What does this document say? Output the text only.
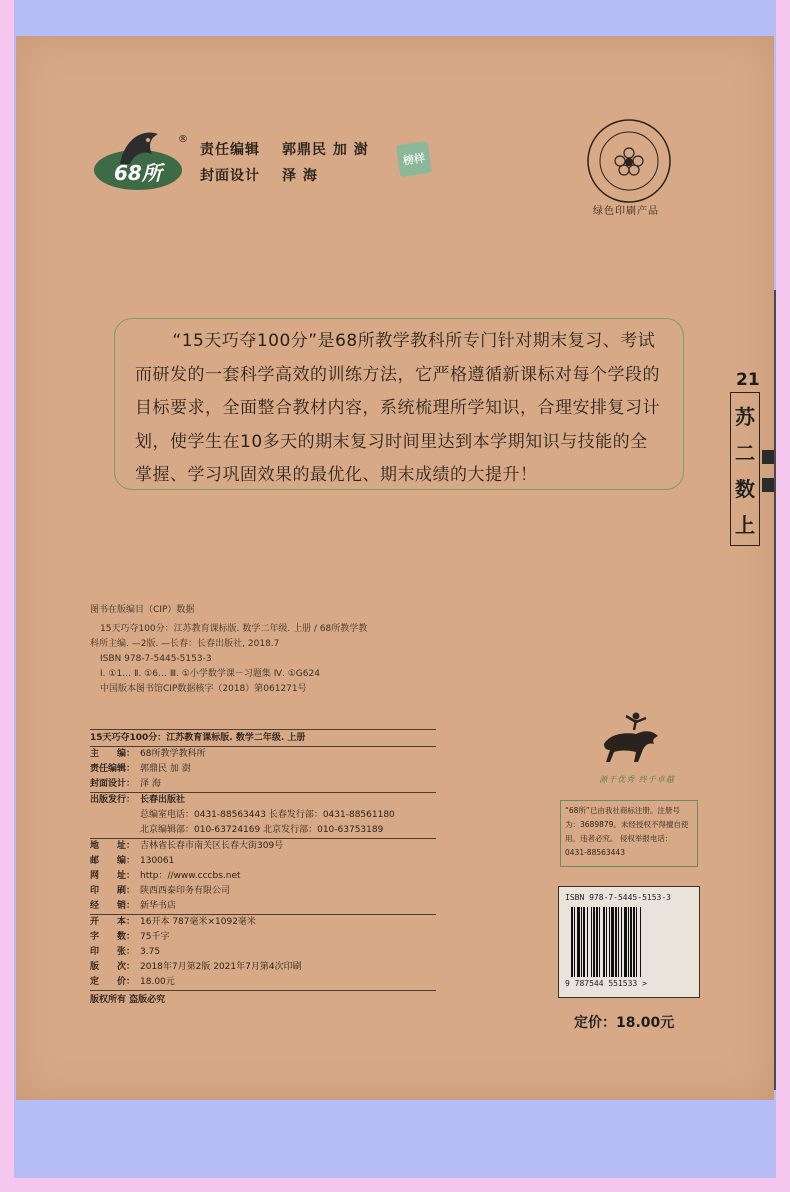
68所
®
责任编辑 郭鼎民 加 澍
封面设计 泽 海
榜样
绿色印刷产品

“15天巧夺100分”是68所教学教科所专门针对期末复习、考试而研发的一套科学高效的训练方法，它严格遵循新课标对每个学段的目标要求，全面整合教材内容，系统梳理所学知识，合理安排复习计划，使学生在10多天的期末复习时间里达到本学期知识与技能的全掌握、学习巩固效果的最优化、期末成绩的大提升！

21
苏
二
数
上
图书在版编目（CIP）数据
15天巧夺100分：江苏教育课标版. 数学二年级. 上册 / 68所教学教
科所主编. —2版. —长春：长春出版社, 2018.7
ISBN 978-7-5445-5153-3
Ⅰ. ①1… Ⅱ. ①6… Ⅲ. ①小学数学课－习题集 Ⅳ. ①G624
中国版本图书馆CIP数据核字（2018）第061271号
15天巧夺100分：江苏教育课标版. 数学二年级. 上册
主　　编： 68所教学教科所
责任编辑： 郭鼎民 加 澍
封面设计： 泽 海
出版发行： 长春出版社
总编室电话：0431-88563443 长春发行部：0431-88561180
北京编辑部：010-63724169 北京发行部：010-63753189
地　　址： 吉林省长春市南关区长春大街309号
邮　　编： 130061
网　　址： http：//www.cccbs.net
印　　刷： 陕西西泰印务有限公司
经　　销： 新华书店
开　　本： 16开本 787毫米×1092毫米
字　　数： 75千字
印　　张： 3.75
版　　次： 2018年7月第2版 2021年7月第4次印刷
定　　价： 18.00元
版权所有 盗版必究
源于优秀 终于卓越
“68所”已由我社商标注册。注册号为：3689879。未经授权不得擅自使用。违者必究。 侵权举报电话：0431-88563443
ISBN 978-7-5445-5153-3
9 787544 551533 >
定价：18.00元
